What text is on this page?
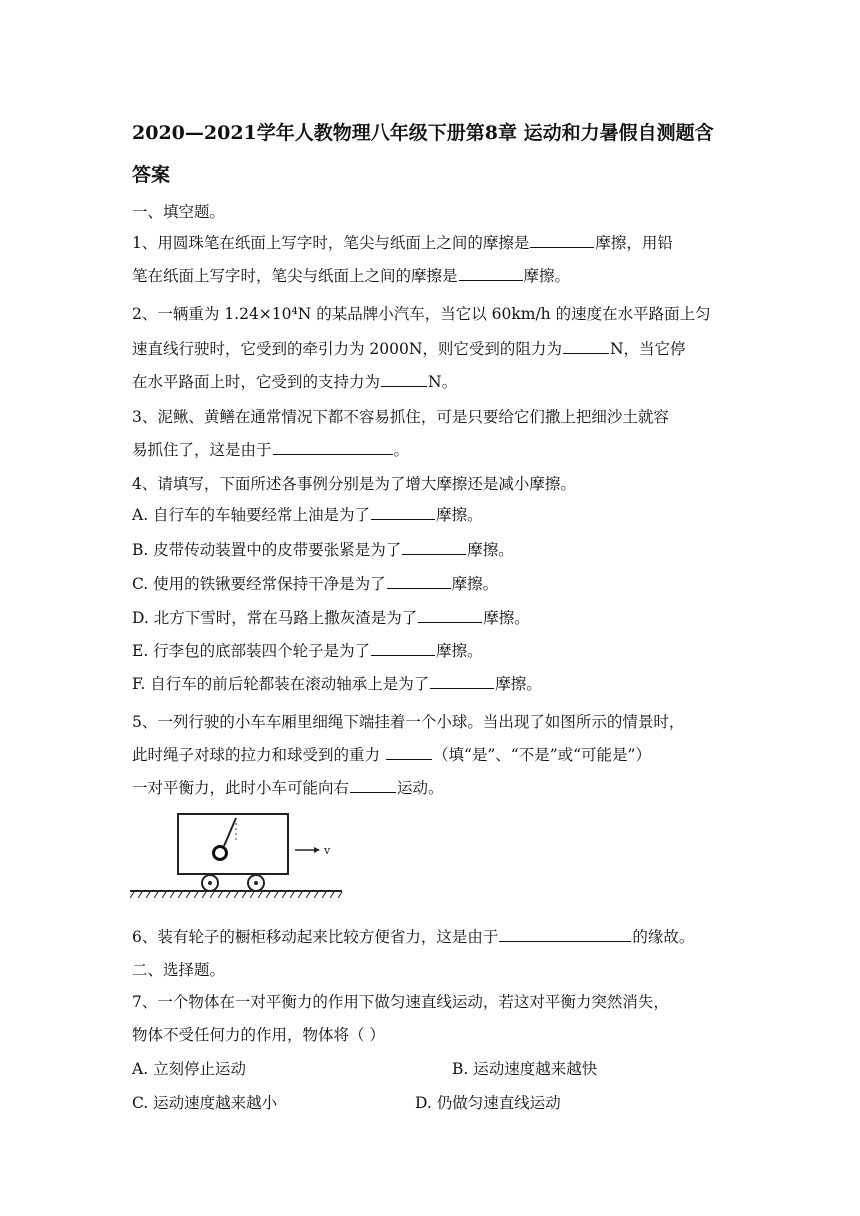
2020—2021学年人教物理八年级下册第8章 运动和力暑假自测题含
答案

一、填空题。

1、用圆珠笔在纸面上写字时，笔尖与纸面上之间的摩擦是	摩擦，用铅

笔在纸面上写字时，笔尖与纸面上之间的摩擦是	摩擦。

2、一辆重为 1.24×10⁴N 的某品牌小汽车，当它以 60km/h 的速度在水平路面上匀

速直线行驶时，它受到的牵引力为 2000N，则它受到的阻力为	N，当它停

在水平路面上时，它受到的支持力为	N。

3、泥鳅、黄鳝在通常情况下都不容易抓住，可是只要给它们撒上把细沙土就容

易抓住了，这是由于	。

4、请填写，下面所述各事例分别是为了增大摩擦还是减小摩擦。

A. 自行车的车轴要经常上油是为了	摩擦。

B. 皮带传动装置中的皮带要张紧是为了	摩擦。

C. 使用的铁锹要经常保持干净是为了	摩擦。

D. 北方下雪时，常在马路上撒灰渣是为了	摩擦。

E. 行李包的底部装四个轮子是为了	摩擦。

F. 自行车的前后轮都装在滚动轴承上是为了	摩擦。

5、一列行驶的小车车厢里细绳下端挂着一个小球。当出现了如图所示的情景时，

此时绳子对球的拉力和球受到的重力	（填“是”、“不是”或“可能是”）

一对平衡力，此时小车可能向右	运动。

v

6、装有轮子的橱柜移动起来比较方便省力，这是由于	的缘故。

二、选择题。

7、一个物体在一对平衡力的作用下做匀速直线运动，若这对平衡力突然消失，

物体不受任何力的作用，物体将（ ）

A. 立刻停止运动	B. 运动速度越来越快

C. 运动速度越来越小	D. 仍做匀速直线运动
